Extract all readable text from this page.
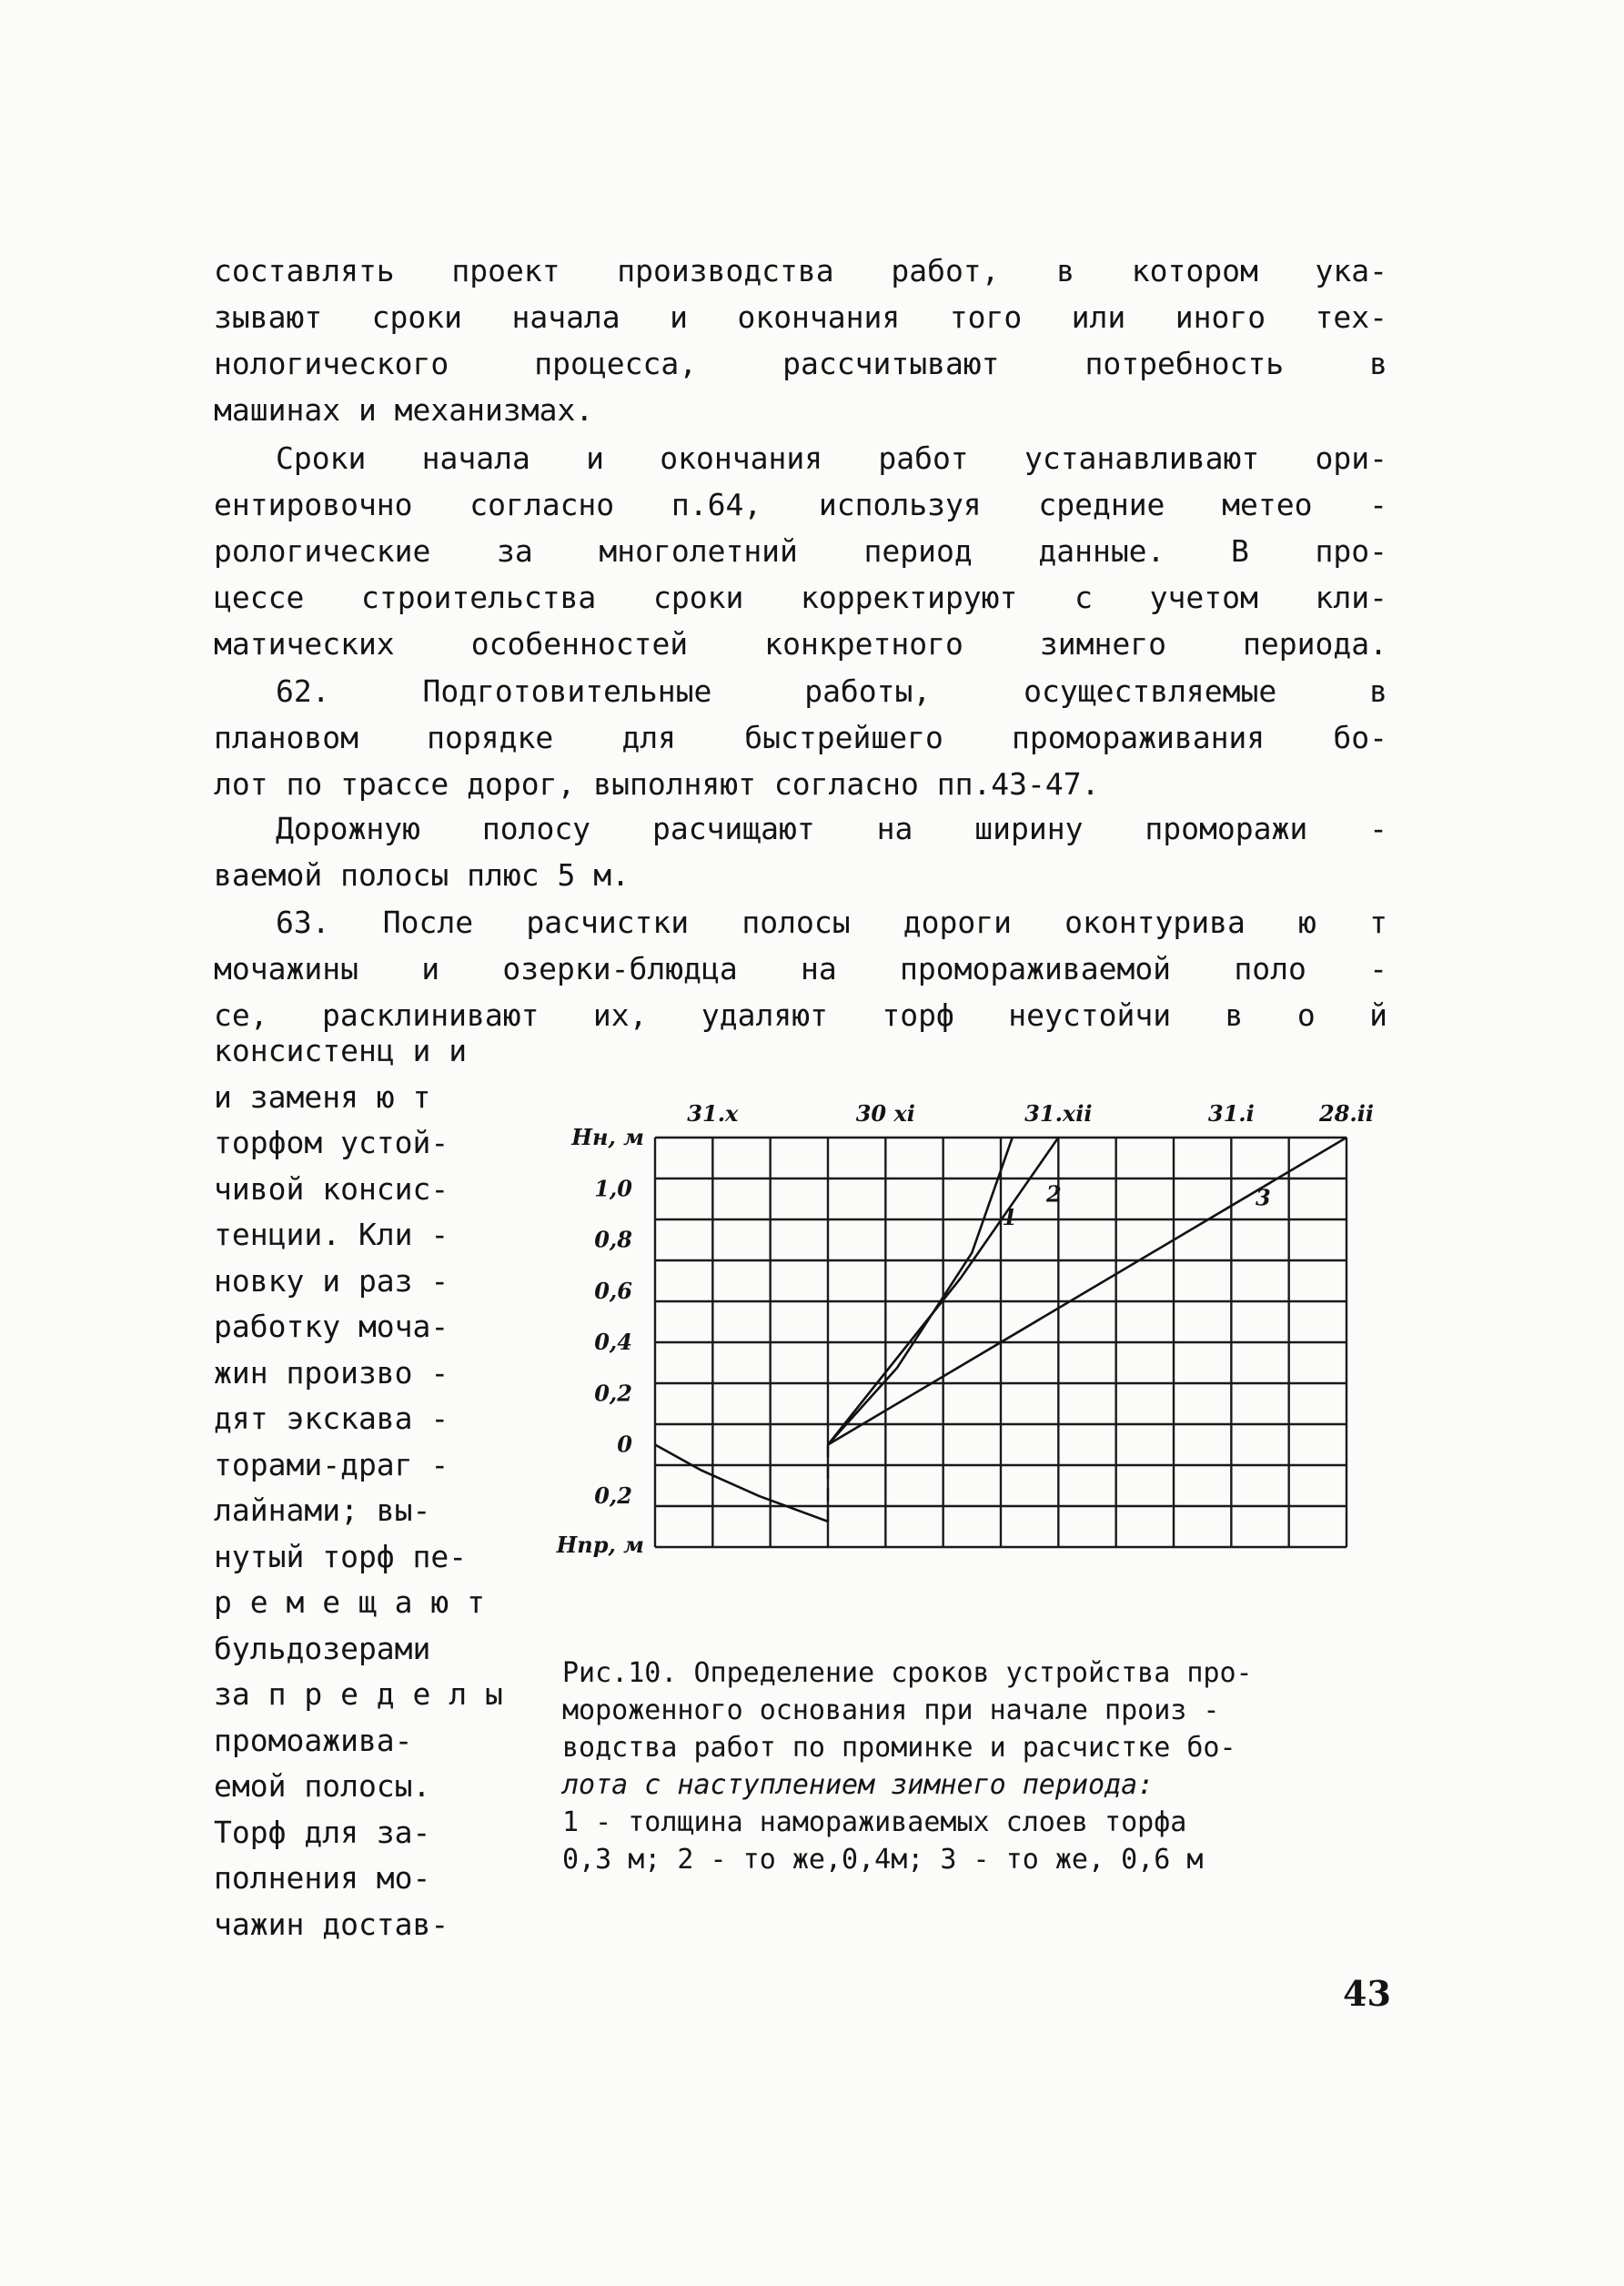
составлять проект производства работ, в котором ука-
зывают сроки начала и окончания того или иного тех-
нологического процесса, рассчитывают потребность в
машинах и механизмах.
Сроки начала и окончания работ устанавливают ори-
ентировочно согласно п.64, используя средние метео -
рологические за многолетний период данные. В про-
цессе строительства сроки корректируют с учетом кли-
матических особенностей конкретного зимнего периода.
62. Подготовительные работы, осуществляемые в
плановом порядке для быстрейшего промораживания бо-
лот по трассе дорог, выполняют согласно пп.43-47.
Дорожную полосу расчищают на ширину проморажи -
ваемой полосы плюс 5 м.
63. После расчистки полосы дороги оконтурива ю т
мочажины и озерки-блюдца на промораживаемой поло -
се, расклинивают их, удаляют торф неустойчи в о й
консистенц и и
и заменя ю т
торфом устой-
чивой консис-
тенции. Кли -
новку и раз -
работку моча-
жин произво -
дят экскава -
торами-драг -
лайнами; вы-
нутый торф пе-
р е м е щ а ю т
бульдозерами
за п р е д е л ы
промоажива-
емой полосы.
Торф для за-
полнения мо-
чажин достав-
31.x	30 xi	31.xii	31.i	28.ii
Hн, м
Hпр, м
1,0
0,8
0,6
0,4
0,2
0
0,2
1
2	3
Рис.10. Определение сроков устройства про-
мороженного основания при начале произ -
водства работ по проминке и расчистке бо-
лота с наступлением зимнего периода:
1 - толщина намораживаемых слоев торфа
0,3 м; 2 - то же,0,4м; 3 - то же, 0,6 м
43
